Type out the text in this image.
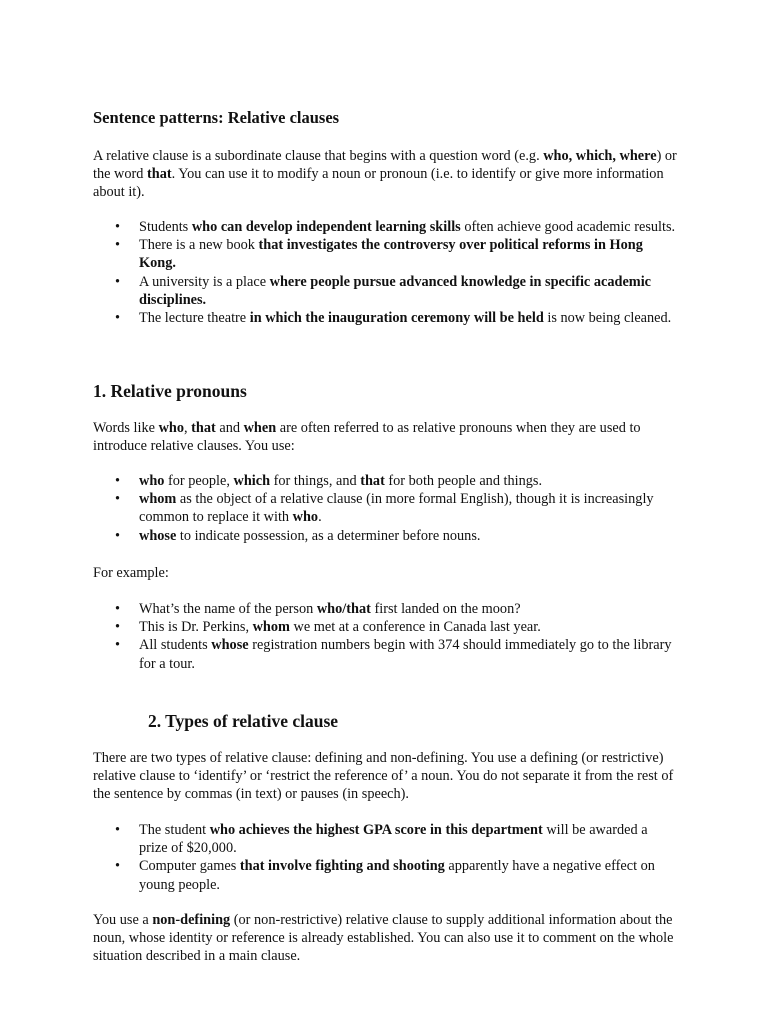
Sentence patterns: Relative clauses

A relative clause is a subordinate clause that begins with a question word (e.g. who, which, where) or the word that. You can use it to modify a noun or pronoun (i.e. to identify or give more information about it).

• Students who can develop independent learning skills often achieve good academic results.
• There is a new book that investigates the controversy over political reforms in Hong Kong.
• A university is a place where people pursue advanced knowledge in specific academic disciplines.
• The lecture theatre in which the inauguration ceremony will be held is now being cleaned.
1. Relative pronouns

Words like who, that and when are often referred to as relative pronouns when they are used to introduce relative clauses. You use:

• who for people, which for things, and that for both people and things.
• whom as the object of a relative clause (in more formal English), though it is increasingly common to replace it with who.
• whose to indicate possession, as a determiner before nouns.

For example:

• What’s the name of the person who/that first landed on the moon?
• This is Dr. Perkins, whom we met at a conference in Canada last year.
• All students whose registration numbers begin with 374 should immediately go to the library for a tour.
2. Types of relative clause

There are two types of relative clause: defining and non-defining. You use a defining (or restrictive) relative clause to ‘identify’ or ‘restrict the reference of’ a noun. You do not separate it from the rest of the sentence by commas (in text) or pauses (in speech).

• The student who achieves the highest GPA score in this department will be awarded a prize of $20,000.
• Computer games that involve fighting and shooting apparently have a negative effect on young people.

You use a non-defining (or non-restrictive) relative clause to supply additional information about the noun, whose identity or reference is already established. You can also use it to comment on the whole situation described in a main clause.
